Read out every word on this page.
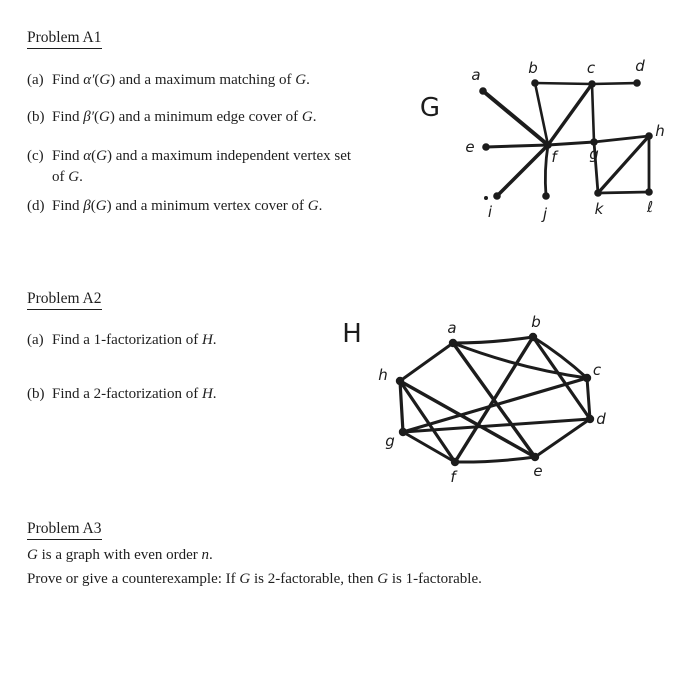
Problem A1
(a) Find α′(G) and a maximum matching of G.
(b) Find β′(G) and a minimum edge cover of G.
(c) Find α(G) and a maximum independent vertex set
of G.
(d) Find β(G) and a minimum vertex cover of G.
a	b	c	d
e
f g
h
i	j	k	ℓ
G
Problem A2
(a) Find a 1-factorization of H.
(b) Find a 2-factorization of H.
a	b
c
d
e
f
g
h
H
Problem A3
G is a graph with even order n.
Prove or give a counterexample: If G is 2-factorable, then G is 1-factorable.
